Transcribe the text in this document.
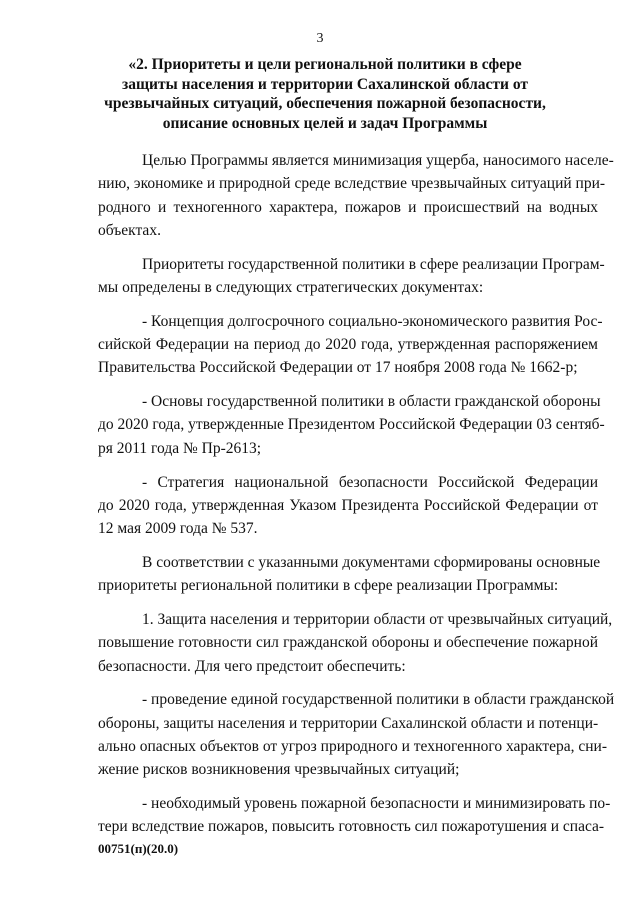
3
«2. Приоритеты и цели региональной политики в сфере
защиты населения и территории Сахалинской области от
чрезвычайных ситуаций, обеспечения пожарной безопасности,
описание основных целей и задач Программы
Целью Программы является минимизация ущерба, наносимого населе-
нию, экономике и природной среде вследствие чрезвычайных ситуаций при-
родного и техногенного характера, пожаров и происшествий на водных
объектах.
Приоритеты государственной политики в сфере реализации Програм-
мы определены в следующих стратегических документах:
- Концепция долгосрочного социально-экономического развития Рос-
сийской Федерации на период до 2020 года, утвержденная распоряжением
Правительства Российской Федерации от 17 ноября 2008 года № 1662-р;
- Основы государственной политики в области гражданской обороны
до 2020 года, утвержденные Президентом Российской Федерации 03 сентяб-
ря 2011 года № Пр-2613;
- Стратегия национальной безопасности Российской Федерации
до 2020 года, утвержденная Указом Президента Российской Федерации от
12 мая 2009 года № 537.
В соответствии с указанными документами сформированы основные
приоритеты региональной политики в сфере реализации Программы:
1. Защита населения и территории области от чрезвычайных ситуаций,
повышение готовности сил гражданской обороны и обеспечение пожарной
безопасности. Для чего предстоит обеспечить:
- проведение единой государственной политики в области гражданской
обороны, защиты населения и территории Сахалинской области и потенци-
ально опасных объектов от угроз природного и техногенного характера, сни-
жение рисков возникновения чрезвычайных ситуаций;
- необходимый уровень пожарной безопасности и минимизировать по-
тери вследствие пожаров, повысить готовность сил пожаротушения и спаса-
00751(п)(20.0)
